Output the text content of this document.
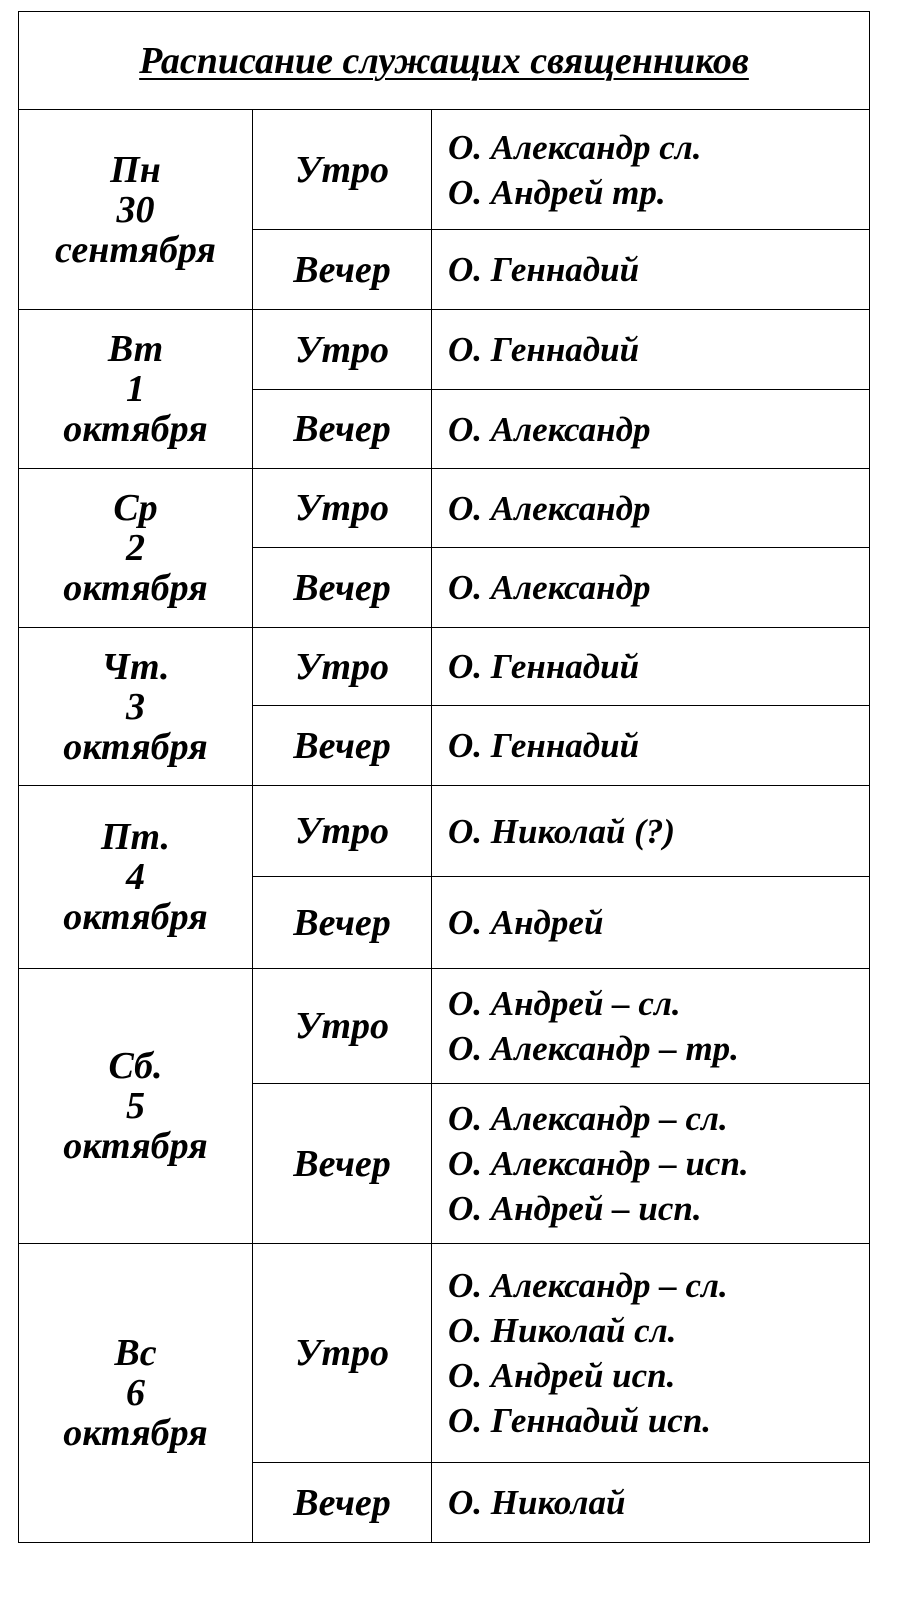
Расписание служащих священников		

Пн
30
сентября	Утро	О. Александр сл.
О. Андрей тр.

	Вечер	О. Геннадий

Вт
1
октября	Утро	О. Геннадий

	Вечер	О. Александр

Ср
2
октября	Утро	О. Александр

	Вечер	О. Александр

Чт.
3
октября	Утро	О. Геннадий

	Вечер	О. Геннадий

Пт.
4
октября	Утро	О. Николай (?)

	Вечер	О. Андрей

Сб.
5
октября	Утро	О. Андрей – сл.
О. Александр – тр.

	Вечер	О. Александр – сл.
О. Александр – исп.
О. Андрей – исп.

Вс
6
октября	Утро	О. Александр – сл.
О. Николай сл.
О. Андрей исп.
О. Геннадий исп.

	Вечер	О. Николай
